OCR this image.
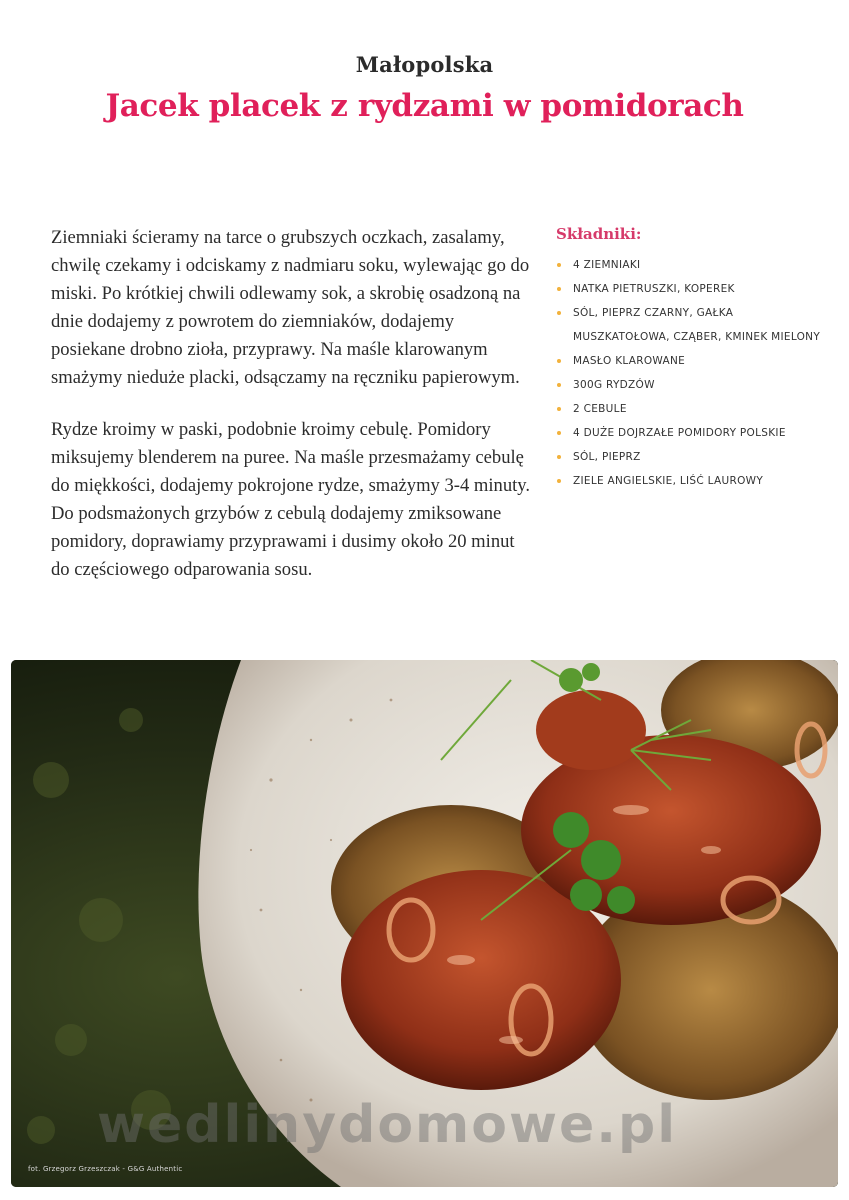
Małopolska
Jacek placek z rydzami w pomidorach

Ziemniaki ścieramy na tarce o grubszych oczkach, zasalamy, chwilę czekamy i odciskamy z nadmiaru soku, wylewając go do miski. Po krótkiej chwili odlewamy sok, a skrobię osadzoną na dnie dodajemy z powrotem do ziemniaków, dodajemy posiekane drobno zioła, przyprawy. Na maśle klarowanym smażymy nieduże placki, odsączamy na ręczniku papierowym.

Rydze kroimy w paski, podobnie kroimy cebulę. Pomidory miksujemy blenderem na puree. Na maśle przesmażamy cebulę do miękkości, dodajemy pokrojone rydze, smażymy 3-4 minuty. Do podsmażonych grzybów z cebulą dodajemy zmiksowane pomidory, doprawiamy przyprawami i dusimy około 20 minut do częściowego odparowania sosu.

Składniki:
4 ZIEMNIAKI
NATKA PIETRUSZKI, KOPEREK
SÓL, PIEPRZ CZARNY, GAŁKA MUSZKATOŁOWA, CZĄBER, KMINEK MIELONY
MASŁO KLAROWANE
300G RYDZÓW
2 CEBULE
4 DUŻE DOJRZAŁE POMIDORY POLSKIE
SÓL, PIEPRZ
ZIELE ANGIELSKIE, LIŚĆ LAUROWY
fot. Grzegorz Grzeszczak - G&G Authentic
wedlinydomowe.pl
